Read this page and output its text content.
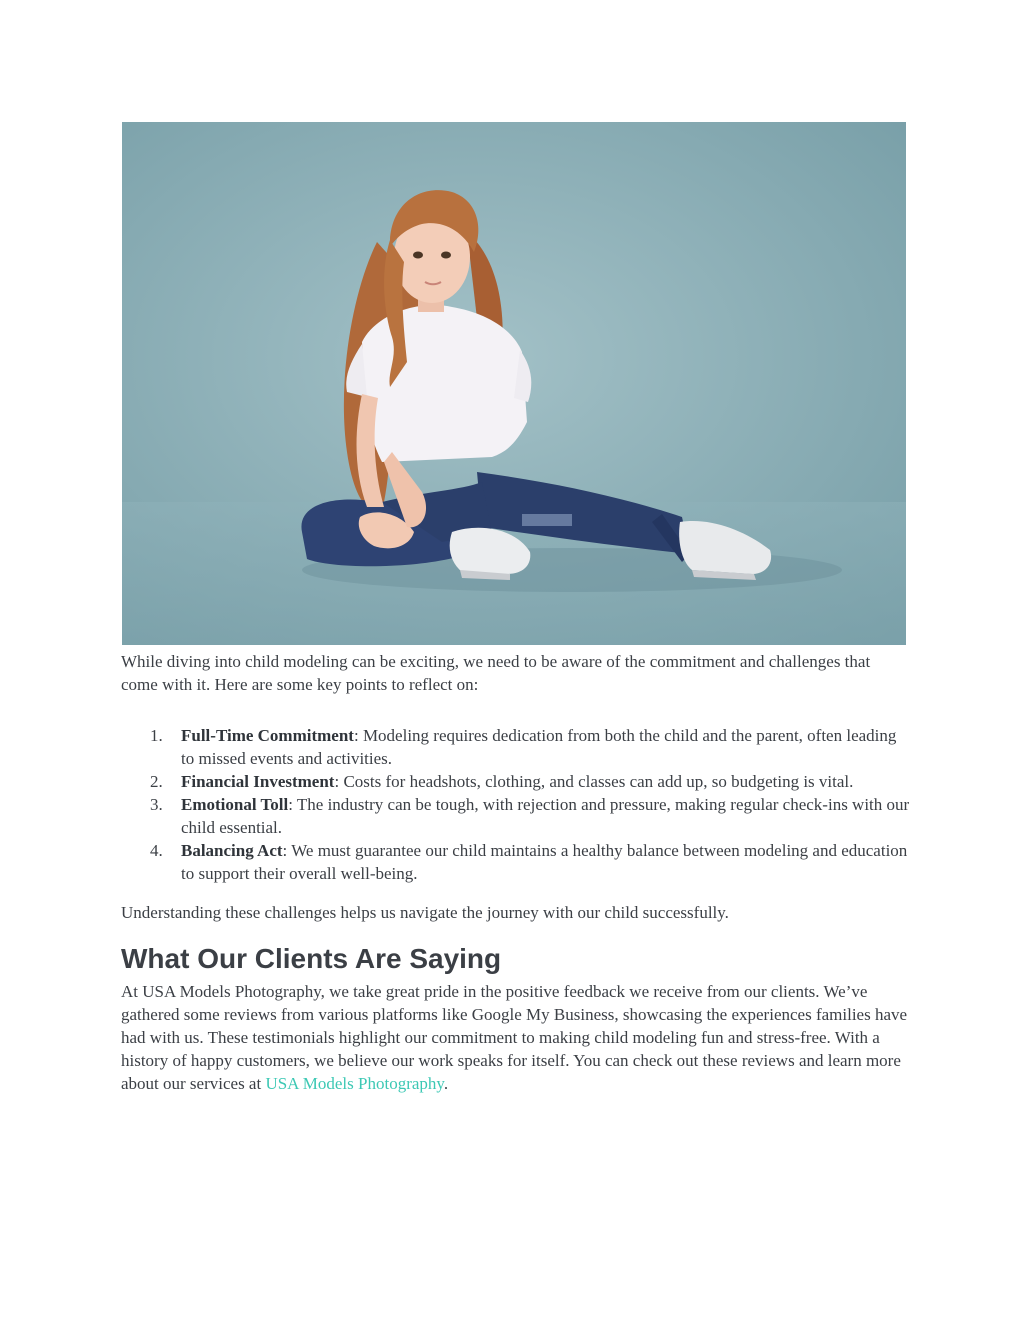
While diving into child modeling can be exciting, we need to be aware of the commitment and challenges that come with it. Here are some key points to reflect on:

1. Full-Time Commitment: Modeling requires dedication from both the child and the parent, often leading to missed events and activities.
2. Financial Investment: Costs for headshots, clothing, and classes can add up, so budgeting is vital.
3. Emotional Toll: The industry can be tough, with rejection and pressure, making regular check-ins with our child essential.
4. Balancing Act: We must guarantee our child maintains a healthy balance between modeling and education to support their overall well-being.

Understanding these challenges helps us navigate the journey with our child successfully.

What Our Clients Are Saying

At USA Models Photography, we take great pride in the positive feedback we receive from our clients. We’ve gathered some reviews from various platforms like Google My Business, showcasing the experiences families have had with us. These testimonials highlight our commitment to making child modeling fun and stress-free. With a history of happy customers, we believe our work speaks for itself. You can check out these reviews and learn more about our services at USA Models Photography.
